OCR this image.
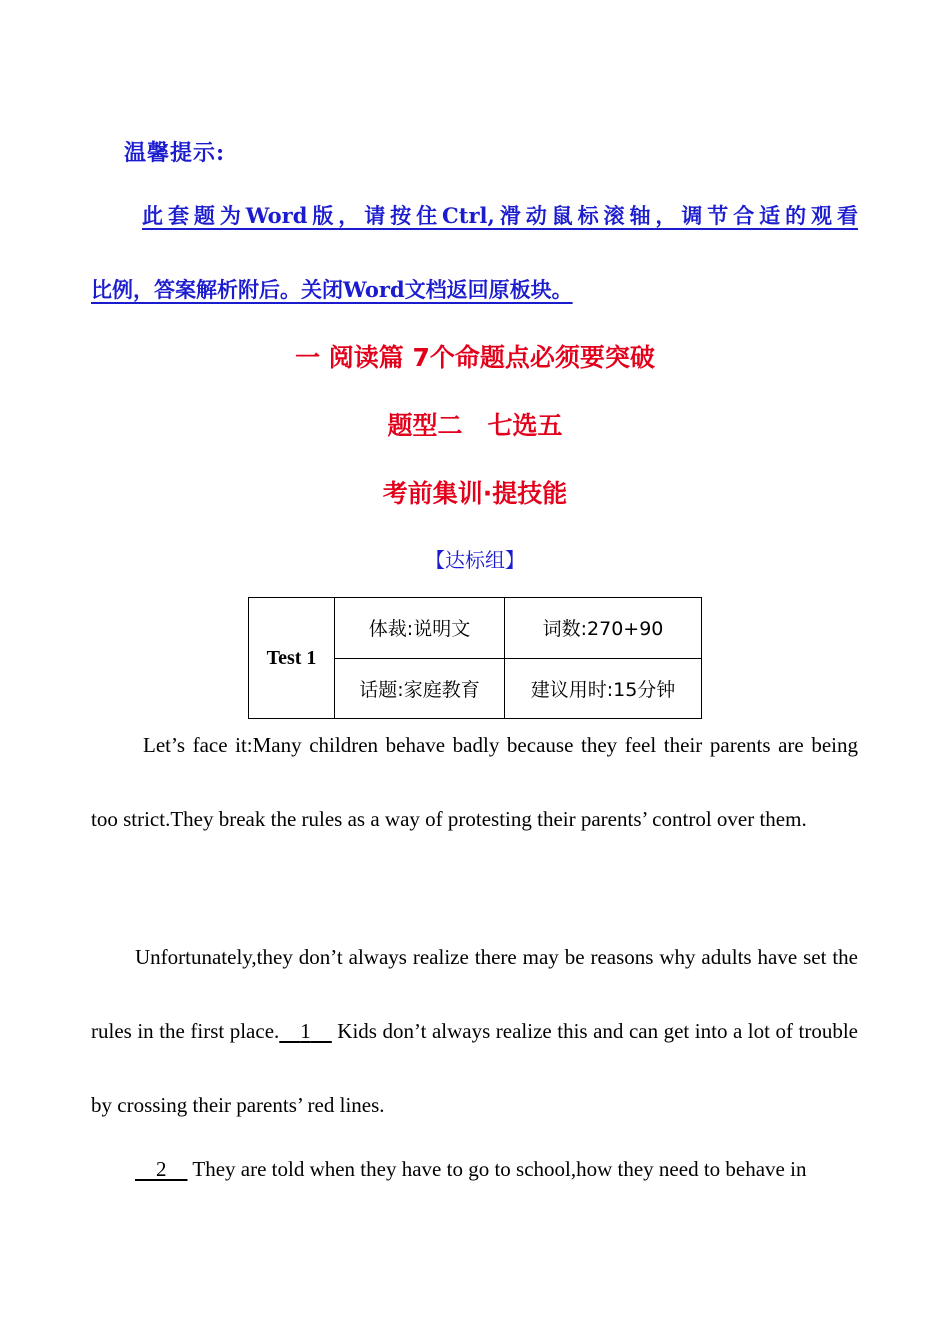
温馨提示:
此套题为Word版，请按住Ctrl,滑动鼠标滚轴，调节合适的观看
比例，答案解析附后。关闭Word文档返回原板块。
一 阅读篇 7个命题点必须要突破
题型二　七选五
考前集训·提技能
【达标组】
Test 1	体裁:说明文	词数:270+90
	话题:家庭教育	建议用时:15分钟
Let’s face it:Many children behave badly because they feel their parents are being too strict.They break the rules as a way of protesting their parents’ control over them.
Unfortunately,they don’t always realize there may be reasons why adults have set the rules in the first place.   1   Kids don’t always realize this and can get into a lot of trouble by crossing their parents’ red lines.
  2   They are told when they have to go to school,how they need to behave in
